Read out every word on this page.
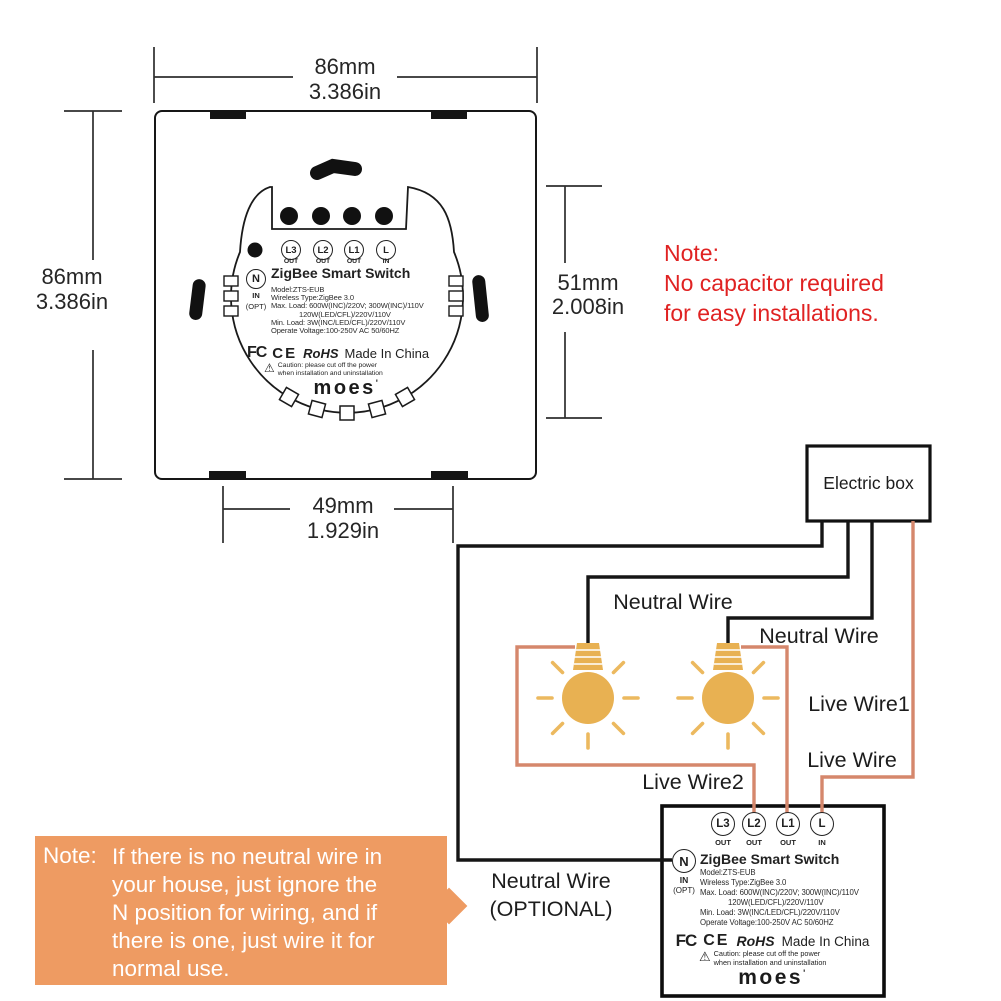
86mm
3.386in
86mm
3.386in
51mm
2.008in
49mm
1.929in
Note:
No capacitor required
for easy installations.
L3	L2	L1	L
OUT	OUT	OUT	IN
N
IN
(OPT)
ZigBee Smart Switch
Model:ZTS-EUB
Wireless Type:ZigBee 3.0
Max. Load: 600W(INC)/220V; 300W(INC)/110V
120W(LED/CFL)/220V/110V
Min. Load: 3W(INC/LED/CFL)/220V/110V
Operate Voltage:100-250V AC 50/60HZ
FC CE RoHS Made In China
⚠ Caution: please cut off the power
when installation and uninstallation
moes '
Electric box
Neutral Wire
Neutral Wire
Live Wire1
Live Wire
Live Wire2
Neutral Wire
(OPTIONAL)
L3	L2	L1	L
OUT	OUT	OUT	IN
N
IN
(OPT)
ZigBee Smart Switch
Model:ZTS-EUB
Wireless Type:ZigBee 3.0
Max. Load: 600W(INC)/220V; 300W(INC)/110V
120W(LED/CFL)/220V/110V
Min. Load: 3W(INC/LED/CFL)/220V/110V
Operate Voltage:100-250V AC 50/60HZ
FC CE RoHS Made In China
⚠ Caution: please cut off the power
when installation and uninstallation
moes '
Note: If there is no neutral wire in
your house, just ignore the
N position for wiring, and if
there is one, just wire it for
normal use.
